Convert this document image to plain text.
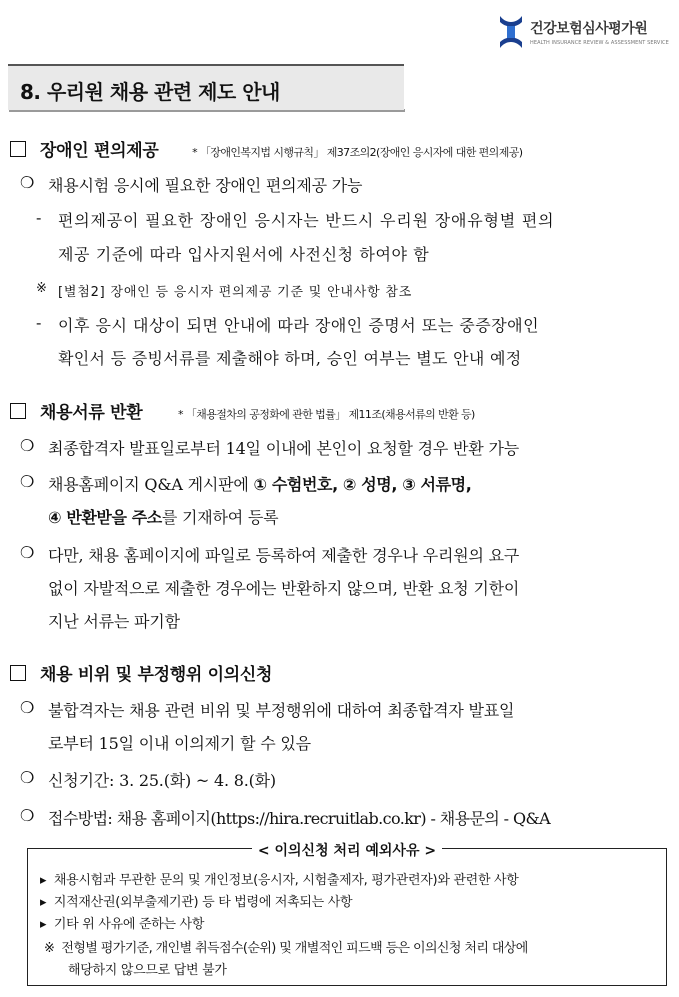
건강보험심사평가원
HEALTH INSURANCE REVIEW & ASSESSMENT SERVICE
8. 우리원 채용 관련 제도 안내
장애인 편의제공	* 「장애인복지법 시행규칙」 제37조의2(장애인 응시자에 대한 편의제공)
❍ 채용시험 응시에 필요한 장애인 편의제공 가능
- 편의제공이 필요한 장애인 응시자는 반드시 우리원 장애유형별 편의
제공 기준에 따라 입사지원서에 사전신청 하여야 함
※ [별첨2] 장애인 등 응시자 편의제공 기준 및 안내사항 참조
- 이후 응시 대상이 되면 안내에 따라 장애인 증명서 또는 중증장애인
확인서 등 증빙서류를 제출해야 하며, 승인 여부는 별도 안내 예정
채용서류 반환	* 「채용절차의 공정화에 관한 법률」 제11조(채용서류의 반환 등)
❍ 최종합격자 발표일로부터 14일 이내에 본인이 요청할 경우 반환 가능
❍ 채용홈페이지 Q&A 게시판에 ① 수험번호, ② 성명, ③ 서류명,
④ 반환받을 주소를 기재하여 등록
❍ 다만, 채용 홈페이지에 파일로 등록하여 제출한 경우나 우리원의 요구
없이 자발적으로 제출한 경우에는 반환하지 않으며, 반환 요청 기한이
지난 서류는 파기함
채용 비위 및 부정행위 이의신청
❍ 불합격자는 채용 관련 비위 및 부정행위에 대하여 최종합격자 발표일
로부터 15일 이내 이의제기 할 수 있음
❍ 신청기간: 3. 25.(화) ~ 4. 8.(화)
❍ 접수방법: 채용 홈페이지(https://hira.recruitlab.co.kr) - 채용문의 - Q&A
< 이의신청 처리 예외사유 >
▸ 채용시험과 무관한 문의 및 개인정보(응시자, 시험출제자, 평가관련자)와 관련한 사항
▸ 지적재산권(외부출제기관) 등 타 법령에 저촉되는 사항
▸ 기타 위 사유에 준하는 사항
※ 전형별 평가기준, 개인별 취득점수(순위) 및 개별적인 피드백 등은 이의신청 처리 대상에
해당하지 않으므로 답변 불가
